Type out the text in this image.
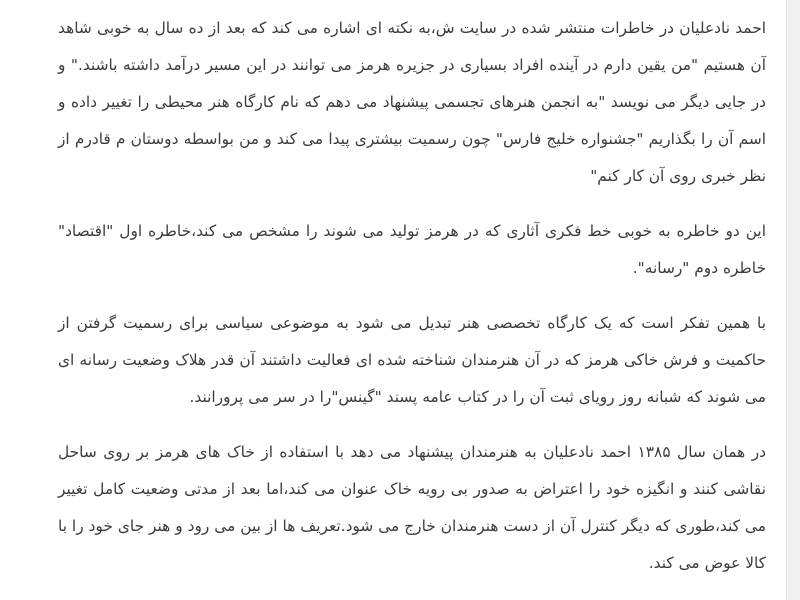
احمد نادعلیان در خاطرات منتشر شده در سایت ش،به نکته ای اشاره می کند که بعد از ده سال به خوبی شاهد آن هستیم "من یقین دارم در آینده افراد بسیاری در جزیره هرمز می توانند در این مسیر درآمد داشته باشند." و در جایی دیگر می نویسد "به انجمن هنرهای تجسمی پیشنهاد می دهم که نام کارگاه هنر محیطی را تغییر داده و اسم آن را بگذاریم "جشنواره خلیج فارس" چون رسمیت بیشتری پیدا می کند و من بواسطه دوستان م قادرم از نظر خبری روی آن کار کنم"

این دو خاطره به خوبی خط فکری آثاری که در هرمز تولید می شوند را مشخص می کند،خاطره اول "اقتصاد" خاطره دوم "رسانه".

با همین تفکر است که یک کارگاه تخصصی هنر تبدیل می شود به موضوعی سیاسی برای رسمیت گرفتن از حاکمیت و فرش خاکی هرمز که در آن هنرمندان شناخته شده ای فعالیت داشتند آن قدر هلاک وضعیت رسانه ای می شوند که شبانه روز رویای ثبت آن را در کتاب عامه پسند "گینس"را در سر می پرورانند.

در همان سال ۱۳۸۵ احمد نادعلیان به هنرمندان پیشنهاد می دهد با استفاده از خاک های هرمز بر روی ساحل نقاشی کنند و انگیزه خود را اعتراض به صدور بی رویه خاک عنوان می کند،اما بعد از مدتی وضعیت کامل تغییر می کند،طوری که دیگر کنترل آن از دست هنرمندان خارج می شود.تعریف ها از بین می رود و هنر جای خود را با کالا عوض می کند.
